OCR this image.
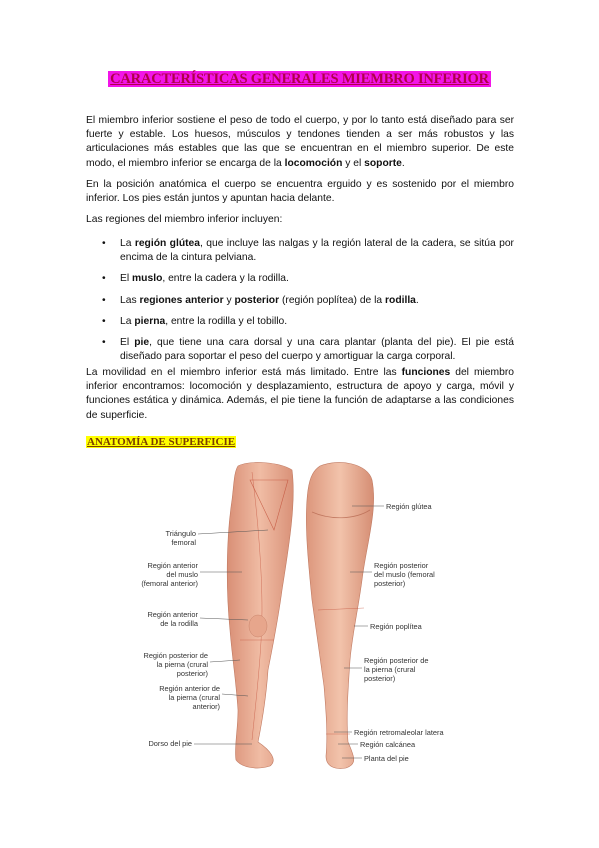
CARACTERÍSTICAS GENERALES MIEMBRO INFERIOR

El miembro inferior sostiene el peso de todo el cuerpo, y por lo tanto está diseñado para ser fuerte y estable. Los huesos, músculos y tendones tienden a ser más robustos y las articulaciones más estables que las que se encuentran en el miembro superior. De este modo, el miembro inferior se encarga de la locomoción y el soporte.

En la posición anatómica el cuerpo se encuentra erguido y es sostenido por el miembro inferior. Los pies están juntos y apuntan hacia delante.

Las regiones del miembro inferior incluyen:

• La región glútea, que incluye las nalgas y la región lateral de la cadera, se sitúa por encima de la cintura pelviana.
• El muslo, entre la cadera y la rodilla.
• Las regiones anterior y posterior (región poplítea) de la rodilla.
• La pierna, entre la rodilla y el tobillo.
• El pie, que tiene una cara dorsal y una cara plantar (planta del pie). El pie está diseñado para soportar el peso del cuerpo y amortiguar la carga corporal.

La movilidad en el miembro inferior está más limitado. Entre las funciones del miembro inferior encontramos: locomoción y desplazamiento, estructura de apoyo y carga, móvil y funciones estática y dinámica. Además, el pie tiene la función de adaptarse a las condiciones de superficie.

ANATOMÍA DE SUPERFICIE
Triángulo femoral
Región anterior
del muslo
(femoral anterior)
Región anterior
de la rodilla
Región posterior de
la pierna (crural
posterior)
Región anterior de
la pierna (crural
anterior)
Dorso del pie
Región glútea
Región posterior
del muslo (femoral
posterior)
Región poplítea
Región posterior de
la pierna (crural
posterior)
Región retromaleolar latera
Región calcánea
Planta del pie
